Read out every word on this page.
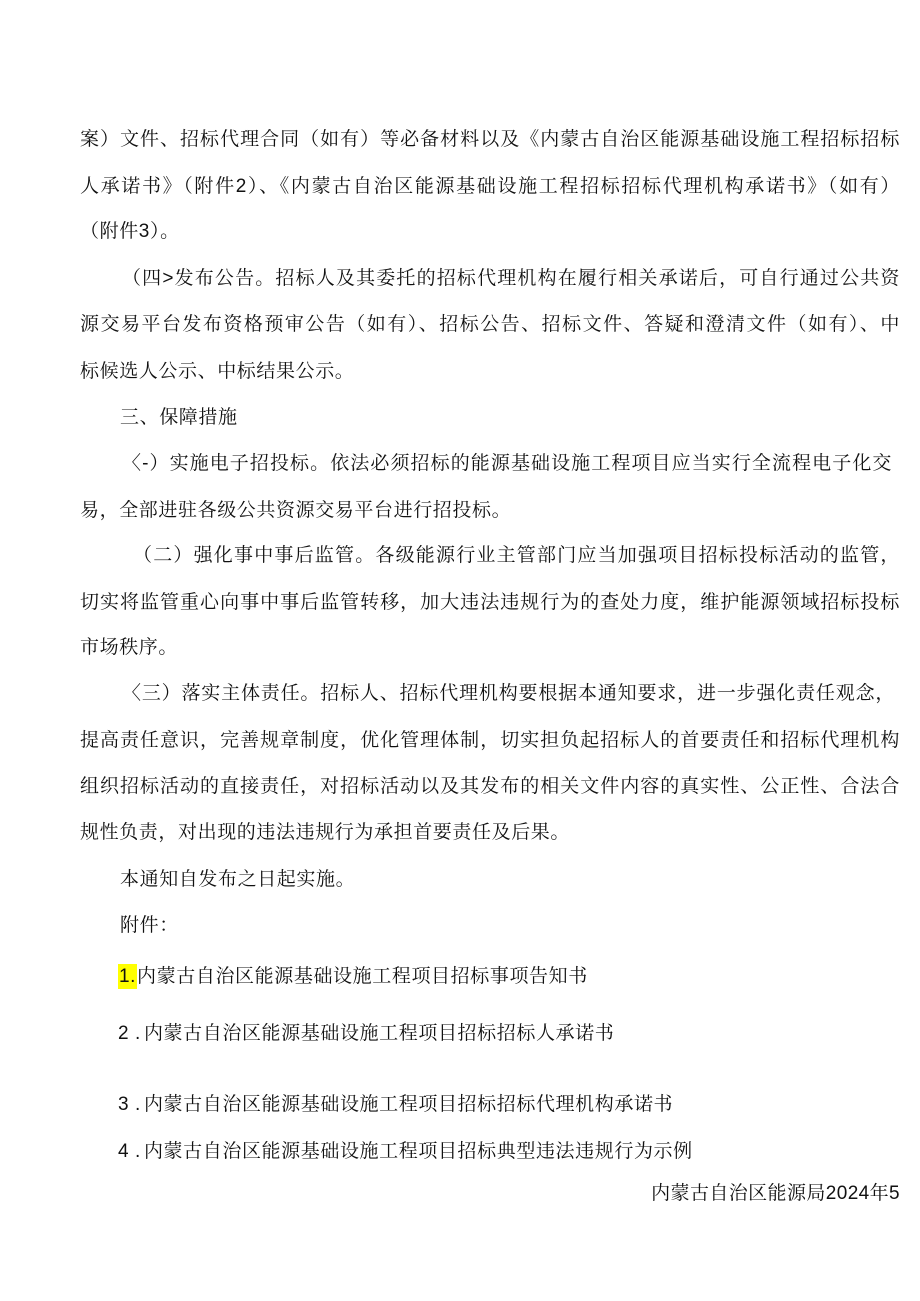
案）文件、招标代理合同（如有）等必备材料以及《内蒙古自治区能源基础设施工程招标招标
人承诺书》（附件2）、《内蒙古自治区能源基础设施工程招标招标代理机构承诺书》（如有）
（附件3）。
（四>发布公告。招标人及其委托的招标代理机构在履行相关承诺后，可自行通过公共资
源交易平台发布资格预审公告（如有）、招标公告、招标文件、答疑和澄清文件（如有）、中
标候选人公示、中标结果公示。
三、保障措施
〈-）实施电子招投标。依法必须招标的能源基础设施工程项目应当实行全流程电子化交
易，全部进驻各级公共资源交易平台进行招投标。
（二）强化事中事后监管。各级能源行业主管部门应当加强项目招标投标活动的监管，
切实将监管重心向事中事后监管转移，加大违法违规行为的查处力度，维护能源领域招标投标
市场秩序。
〈三）落实主体责任。招标人、招标代理机构要根据本通知要求，进一步强化责任观念，
提高责任意识，完善规章制度，优化管理体制，切实担负起招标人的首要责任和招标代理机构
组织招标活动的直接责任，对招标活动以及其发布的相关文件内容的真实性、公正性、合法合
规性负责，对出现的违法违规行为承担首要责任及后果。
本通知自发布之日起实施。
附件：
1.内蒙古自治区能源基础设施工程项目招标事项告知书
2 . 内蒙古自治区能源基础设施工程项目招标招标人承诺书
3 . 内蒙古自治区能源基础设施工程项目招标招标代理机构承诺书
4 . 内蒙古自治区能源基础设施工程项目招标典型违法违规行为示例
内蒙古自治区能源局2024年5
